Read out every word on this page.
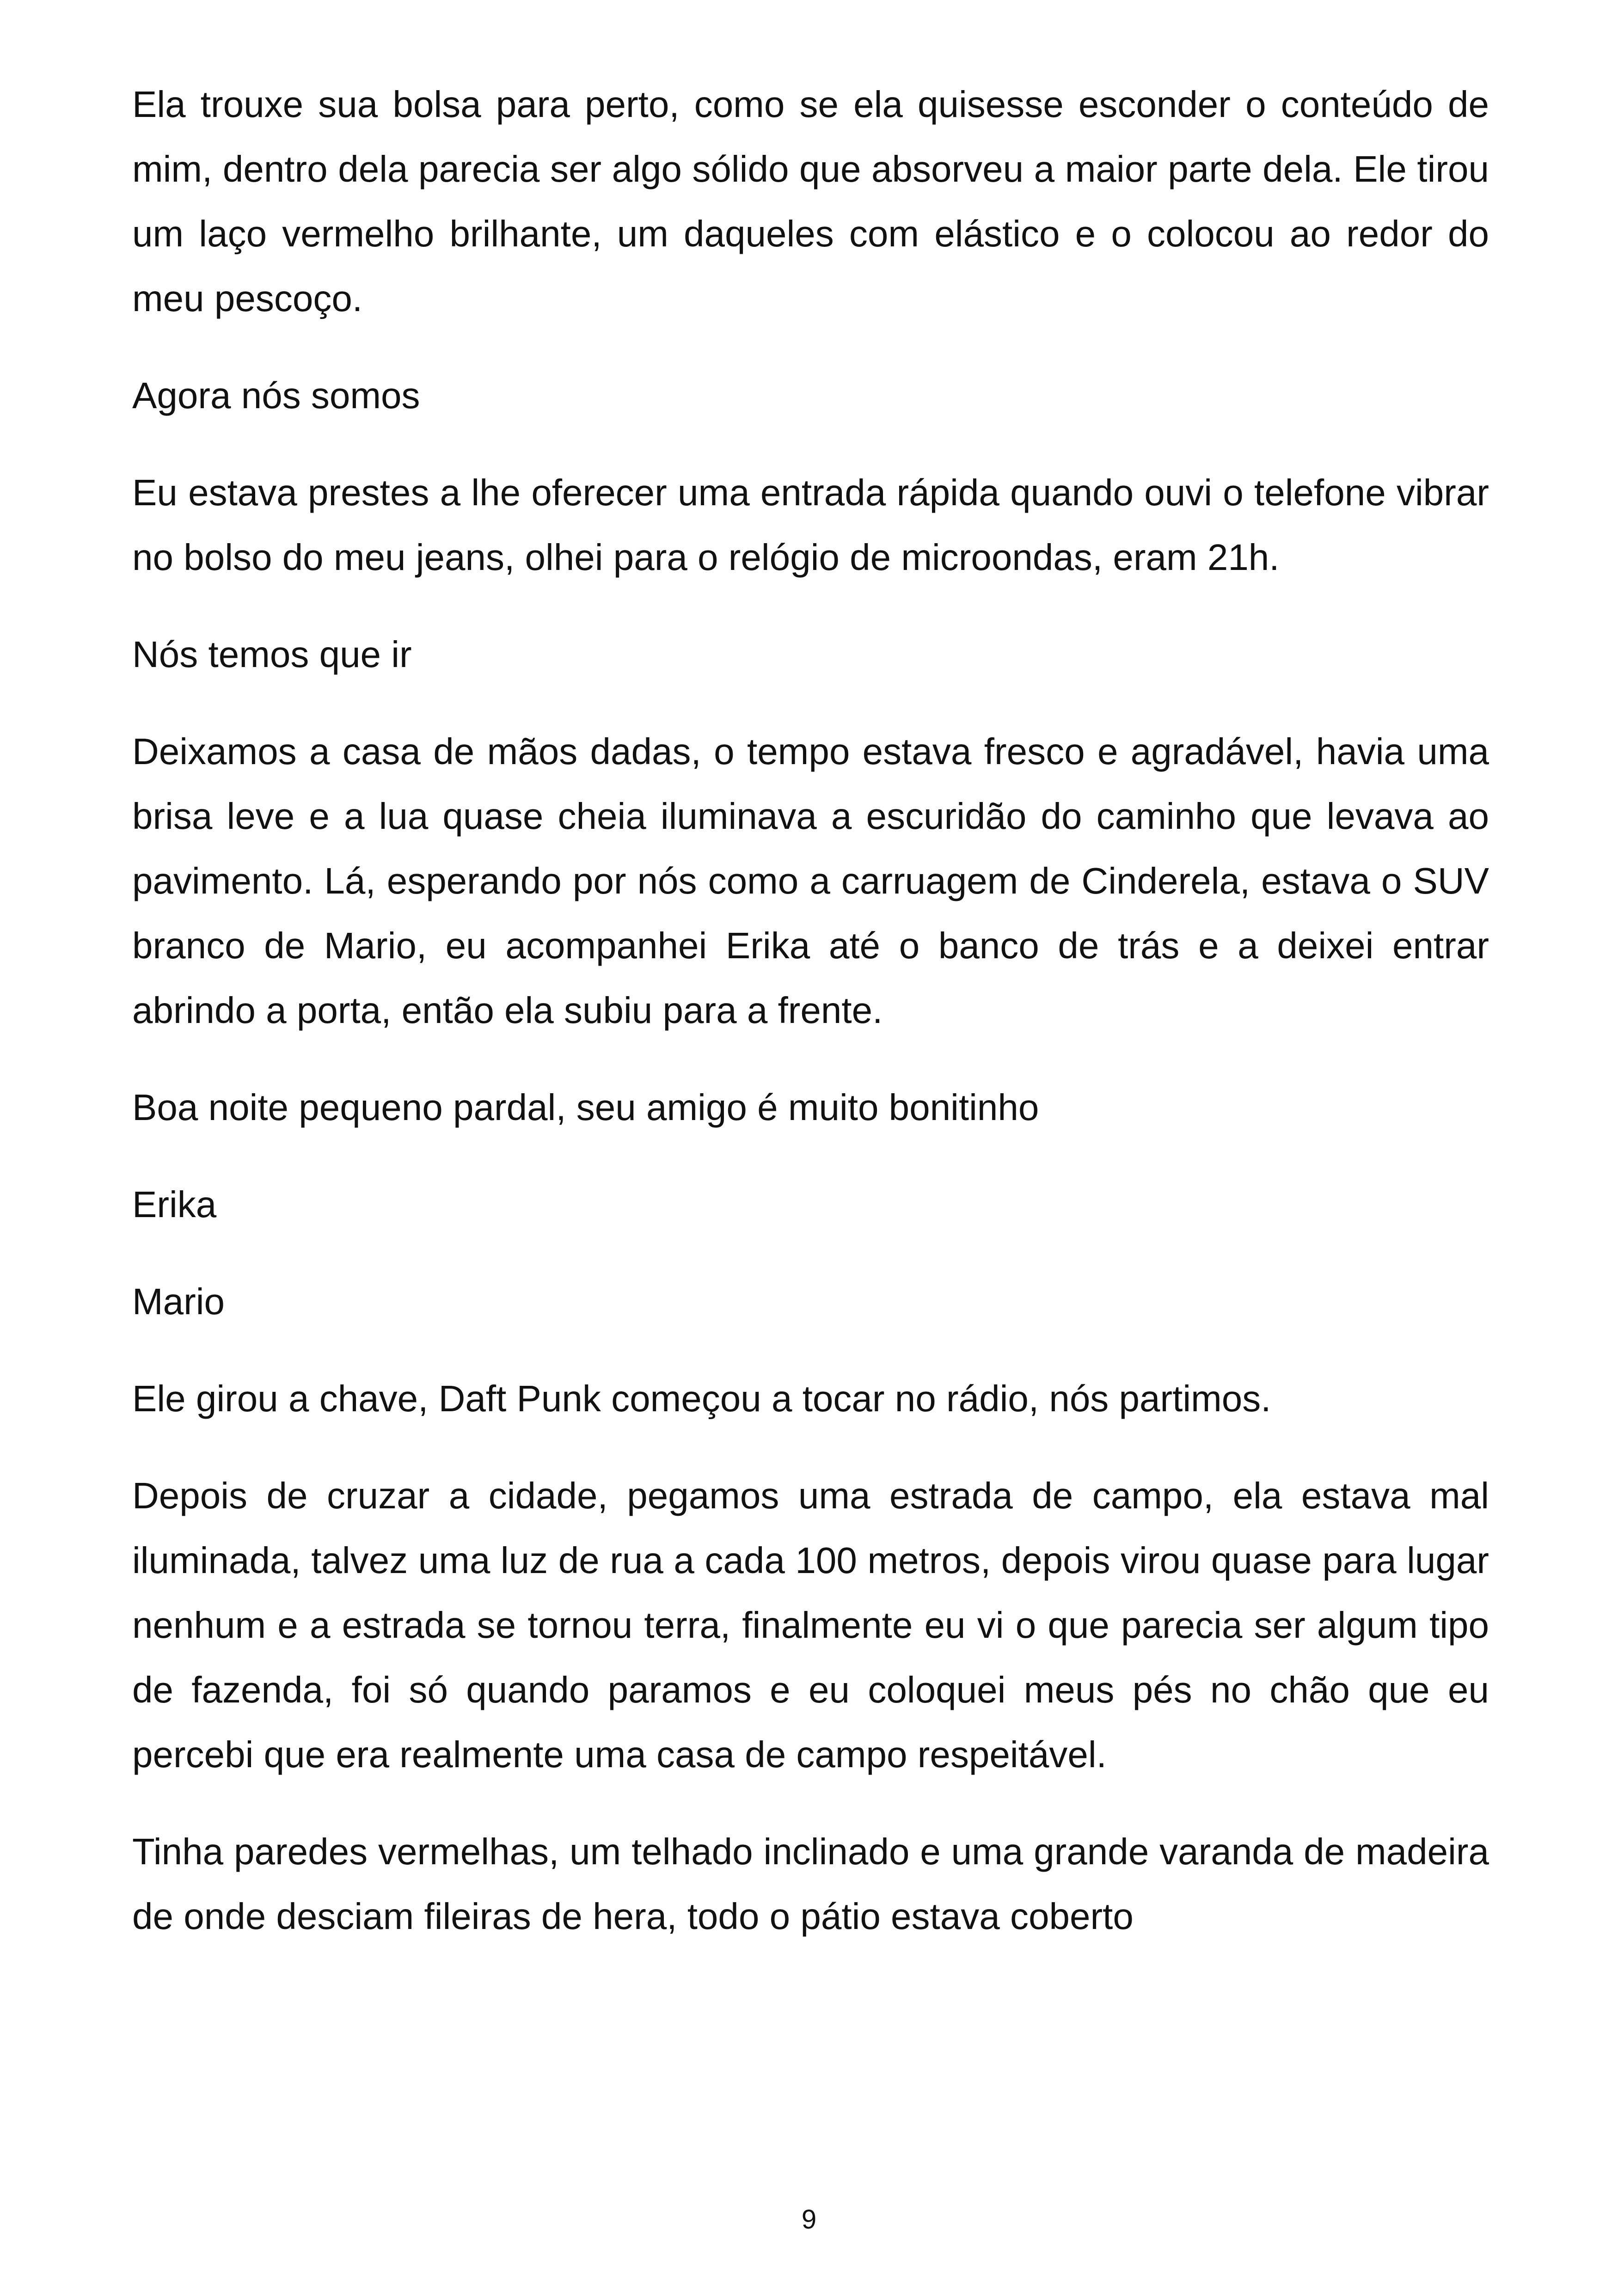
Ela trouxe sua bolsa para perto, como se ela quisesse esconder o conteúdo de mim, dentro dela parecia ser algo sólido que absorveu a maior parte dela. Ele tirou um laço vermelho brilhante, um daqueles com elástico e o colocou ao redor do meu pescoço.

Agora nós somos

Eu estava prestes a lhe oferecer uma entrada rápida quando ouvi o telefone vibrar no bolso do meu jeans, olhei para o relógio de microondas, eram 21h.

Nós temos que ir

Deixamos a casa de mãos dadas, o tempo estava fresco e agradável, havia uma brisa leve e a lua quase cheia iluminava a escuridão do caminho que levava ao pavimento. Lá, esperando por nós como a carruagem de Cinderela, estava o SUV branco de Mario, eu acompanhei Erika até o banco de trás e a deixei entrar abrindo a porta, então ela subiu para a frente.

Boa noite pequeno pardal, seu amigo é muito bonitinho

Erika

Mario

Ele girou a chave, Daft Punk começou a tocar no rádio, nós partimos.

Depois de cruzar a cidade, pegamos uma estrada de campo, ela estava mal iluminada, talvez uma luz de rua a cada 100 metros, depois virou quase para lugar nenhum e a estrada se tornou terra, finalmente eu vi o que parecia ser algum tipo de fazenda, foi só quando paramos e eu coloquei meus pés no chão que eu percebi que era realmente uma casa de campo respeitável.

Tinha paredes vermelhas, um telhado inclinado e uma grande varanda de madeira de onde desciam fileiras de hera, todo o pátio estava coberto

9
